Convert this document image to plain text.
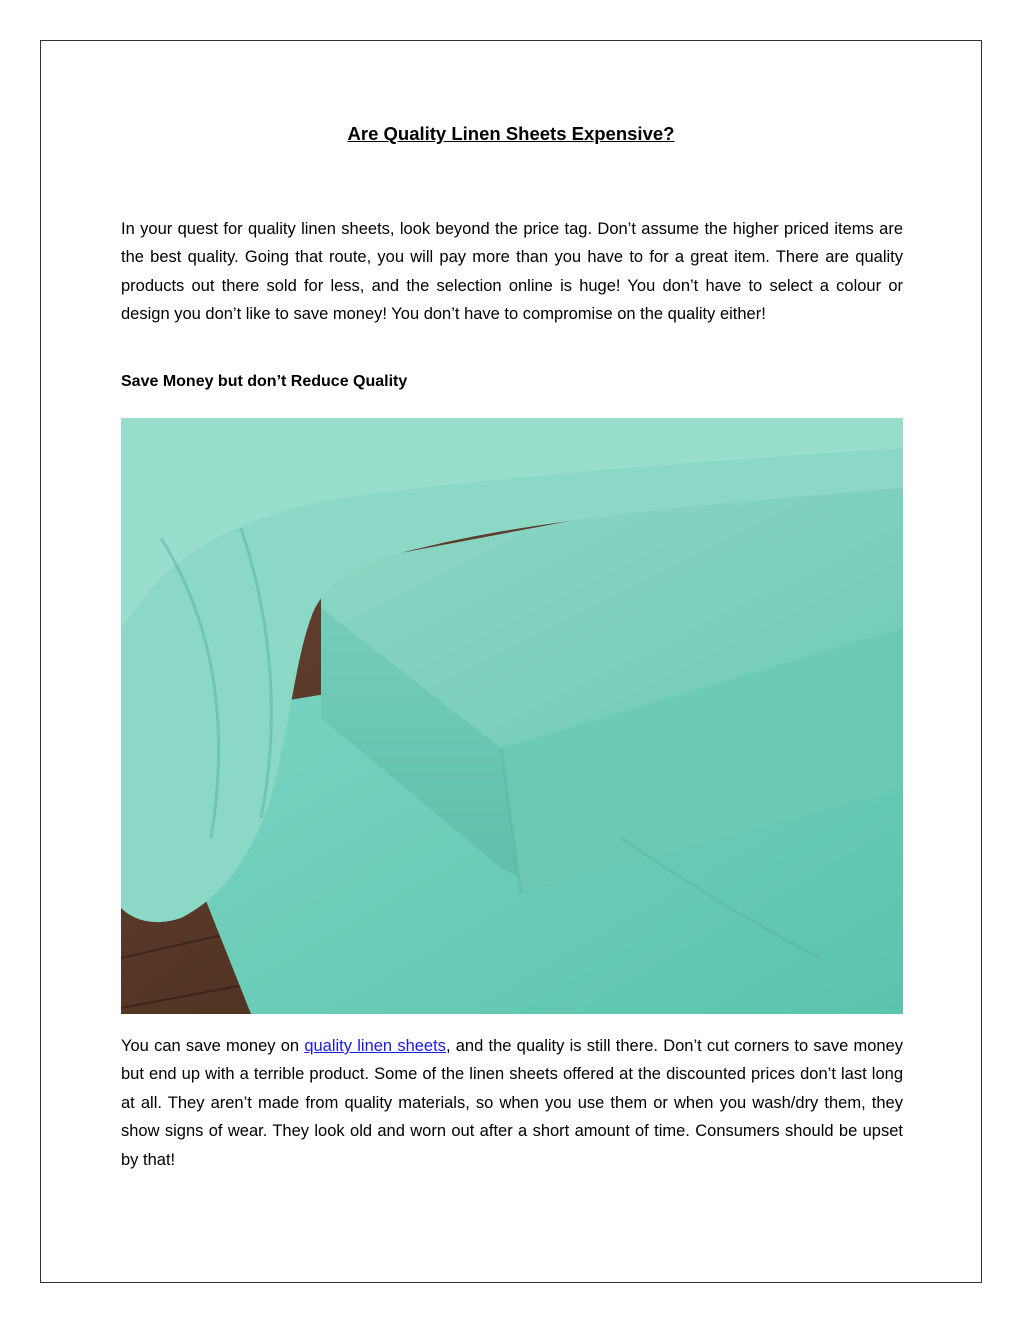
Are Quality Linen Sheets Expensive?

In your quest for quality linen sheets, look beyond the price tag. Don’t assume the higher priced items are the best quality. Going that route, you will pay more than you have to for a great item. There are quality products out there sold for less, and the selection online is huge! You don’t have to select a colour or design you don’t like to save money! You don’t have to compromise on the quality either!

Save Money but don’t Reduce Quality

You can save money on quality linen sheets, and the quality is still there. Don’t cut corners to save money but end up with a terrible product. Some of the linen sheets offered at the discounted prices don’t last long at all. They aren’t made from quality materials, so when you use them or when you wash/dry them, they show signs of wear. They look old and worn out after a short amount of time. Consumers should be upset by that!
